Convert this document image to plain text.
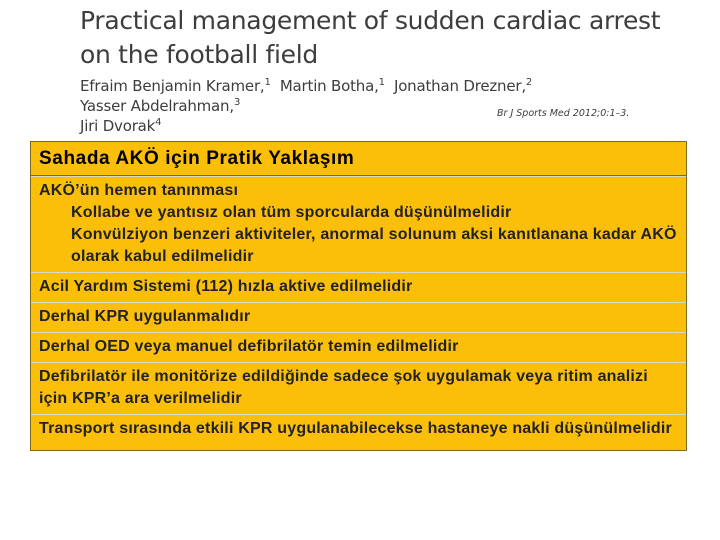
Practical management of sudden cardiac arrest
on the football field
Efraim Benjamin Kramer,$^1$ Martin Botha,$^1$ Jonathan Drezner,$^2$  Yasser Abdelrahman,$^3$
Jiri Dvorak$^4$
Br J Sports Med 2012;0:1–3.
Sahada AKÖ için Pratik Yaklaşım
AKÖ’ün hemen tanınması
Kollabe ve yantısız olan tüm sporcularda düşünülmelidir
Konvülziyon benzeri aktiviteler, anormal solunum aksi kanıtlanana kadar AKÖ olarak kabul edilmelidir
Acil Yardım Sistemi (112) hızla aktive edilmelidir
Derhal KPR uygulanmalıdır
Derhal OED veya manuel defibrilatör temin edilmelidir
Defibrilatör ile monitörize edildiğinde sadece şok uygulamak veya ritim analizi için KPR’a ara verilmelidir
Transport sırasında etkili KPR uygulanabilecekse hastaneye nakli düşünülmelidir
